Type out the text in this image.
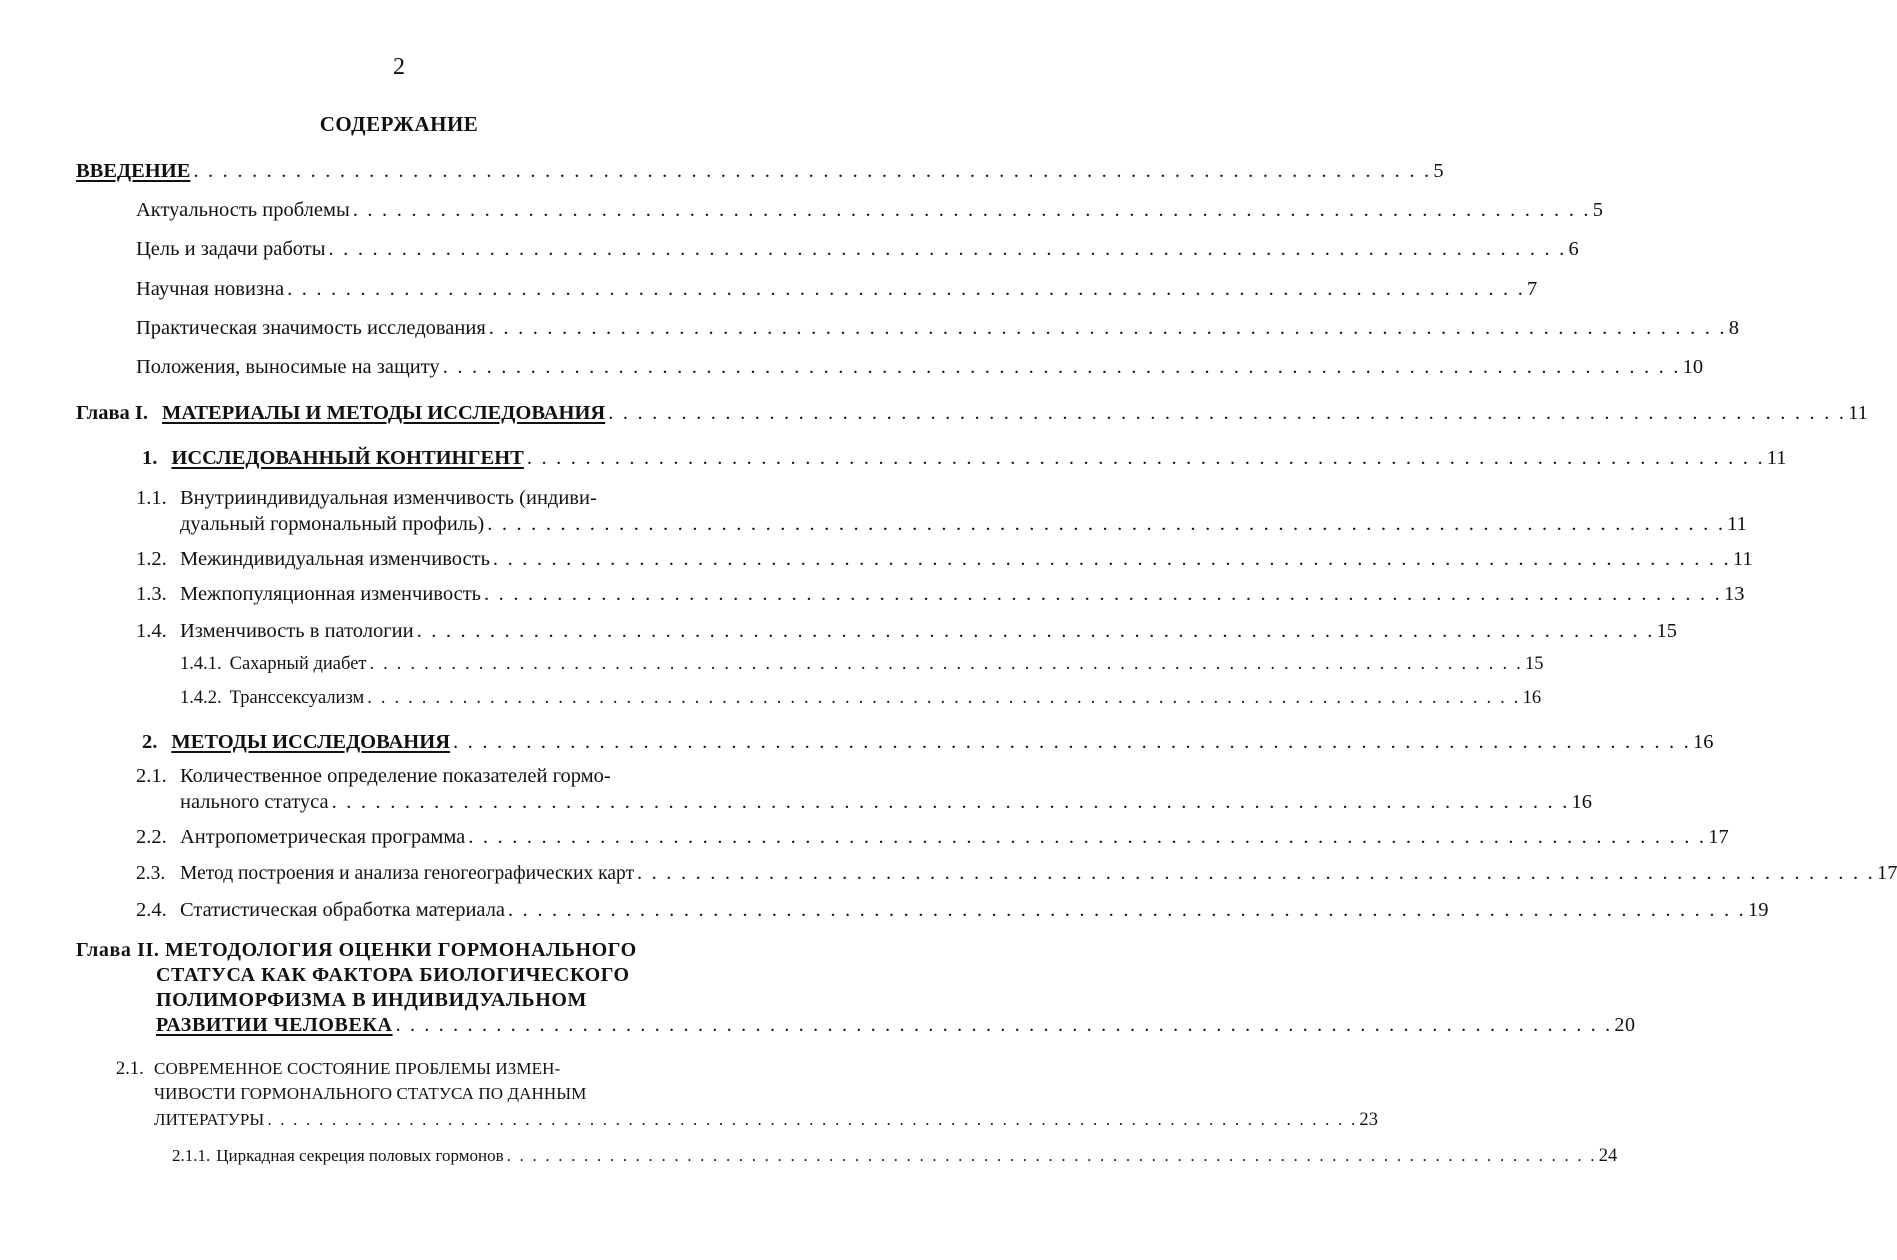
2
СОДЕРЖАНИЕ
ВВЕДЕНИЕ . . . . . . . . . . . . . . . . . . . . . . . . . . . . . . . . . . . . . . . . . . . . . . . . . . . . . . . . . . . . . . . . . . . . . . . . . . . . . . . . . . . . . 5
Актуальность проблемы . . . . . . . . . . . . . . . . . . . . . . . . . . . . . . . . . . . . . . . . . . . . . . . . . . . . . . . . . . . . . . . . . . . . . . . . . . . . . . . . . . . . . 5
Цель и задачи работы . . . . . . . . . . . . . . . . . . . . . . . . . . . . . . . . . . . . . . . . . . . . . . . . . . . . . . . . . . . . . . . . . . . . . . . . . . . . . . . . . . . . . 6
Научная новизна . . . . . . . . . . . . . . . . . . . . . . . . . . . . . . . . . . . . . . . . . . . . . . . . . . . . . . . . . . . . . . . . . . . . . . . . . . . . . . . . . . . . . 7
Практическая значимость исследования . . . . . . . . . . . . . . . . . . . . . . . . . . . . . . . . . . . . . . . . . . . . . . . . . . . . . . . . . . . . . . . . . . . . . . . . . . . . . . . . . . . . . 8
Положения, выносимые на защиту . . . . . . . . . . . . . . . . . . . . . . . . . . . . . . . . . . . . . . . . . . . . . . . . . . . . . . . . . . . . . . . . . . . . . . . . . . . . . . . . . . . . . 10
Глава I. МАТЕРИАЛЫ И МЕТОДЫ ИССЛЕДОВАНИЯ . . . . . . . . . . . . . . . . . . . . . . . . . . . . . . . . . . . . . . . . . . . . . . . . . . . . . . . . . . . . . . . . . . . . . . . . . . . . . . . . . . . . . 11
1. ИССЛЕДОВАННЫЙ КОНТИНГЕНТ . . . . . . . . . . . . . . . . . . . . . . . . . . . . . . . . . . . . . . . . . . . . . . . . . . . . . . . . . . . . . . . . . . . . . . . . . . . . . . . . . . . . . 11
1.1. Внутрииндивидуальная изменчивость (индиви-
дуальный гормональный профиль) . . . . . . . . . . . . . . . . . . . . . . . . . . . . . . . . . . . . . . . . . . . . . . . . . . . . . . . . . . . . . . . . . . . . . . . . . . . . . . . . . . . . . 11
1.2. Межиндивидуальная изменчивость . . . . . . . . . . . . . . . . . . . . . . . . . . . . . . . . . . . . . . . . . . . . . . . . . . . . . . . . . . . . . . . . . . . . . . . . . . . . . . . . . . . . . 11
1.3. Межпопуляционная изменчивость . . . . . . . . . . . . . . . . . . . . . . . . . . . . . . . . . . . . . . . . . . . . . . . . . . . . . . . . . . . . . . . . . . . . . . . . . . . . . . . . . . . . . 13
1.4. Изменчивость в патологии . . . . . . . . . . . . . . . . . . . . . . . . . . . . . . . . . . . . . . . . . . . . . . . . . . . . . . . . . . . . . . . . . . . . . . . . . . . . . . . . . . . . . 15
1.4.1. Сахарный диабет . . . . . . . . . . . . . . . . . . . . . . . . . . . . . . . . . . . . . . . . . . . . . . . . . . . . . . . . . . . . . . . . . . . . . . . . . . . . . . . . . . . . . 15
1.4.2. Транссексуализм . . . . . . . . . . . . . . . . . . . . . . . . . . . . . . . . . . . . . . . . . . . . . . . . . . . . . . . . . . . . . . . . . . . . . . . . . . . . . . . . . . . . . 16
2. МЕТОДЫ ИССЛЕДОВАНИЯ . . . . . . . . . . . . . . . . . . . . . . . . . . . . . . . . . . . . . . . . . . . . . . . . . . . . . . . . . . . . . . . . . . . . . . . . . . . . . . . . . . . . . 16
2.1. Количественное определение показателей гормо-
нального статуса . . . . . . . . . . . . . . . . . . . . . . . . . . . . . . . . . . . . . . . . . . . . . . . . . . . . . . . . . . . . . . . . . . . . . . . . . . . . . . . . . . . . . 16
2.2. Антропометрическая программа . . . . . . . . . . . . . . . . . . . . . . . . . . . . . . . . . . . . . . . . . . . . . . . . . . . . . . . . . . . . . . . . . . . . . . . . . . . . . . . . . . . . . 17
2.3. Метод построения и анализа геногеографических карт . . . . . . . . . . . . . . . . . . . . . . . . . . . . . . . . . . . . . . . . . . . . . . . . . . . . . . . . . . . . . . . . . . . . . . . . . . . . . . . . . . . . . 17
2.4. Статистическая обработка материала . . . . . . . . . . . . . . . . . . . . . . . . . . . . . . . . . . . . . . . . . . . . . . . . . . . . . . . . . . . . . . . . . . . . . . . . . . . . . . . . . . . . . 19
Глава II. МЕТОДОЛОГИЯ ОЦЕНКИ ГОРМОНАЛЬНОГО
СТАТУСА КАК ФАКТОРА БИОЛОГИЧЕСКОГО
ПОЛИМОРФИЗМА В ИНДИВИДУАЛЬНОМ
РАЗВИТИИ ЧЕЛОВЕКА . . . . . . . . . . . . . . . . . . . . . . . . . . . . . . . . . . . . . . . . . . . . . . . . . . . . . . . . . . . . . . . . . . . . . . . . . . . . . . . . . . . . . 20
2.1. СОВРЕМЕННОЕ СОСТОЯНИЕ ПРОБЛЕМЫ ИЗМЕН-
ЧИВОСТИ ГОРМОНАЛЬНОГО СТАТУСА ПО ДАННЫМ
ЛИТЕРАТУРЫ . . . . . . . . . . . . . . . . . . . . . . . . . . . . . . . . . . . . . . . . . . . . . . . . . . . . . . . . . . . . . . . . . . . . . . . . . . . . . . . . . . . . . 23
2.1.1. Циркадная секреция половых гормонов . . . . . . . . . . . . . . . . . . . . . . . . . . . . . . . . . . . . . . . . . . . . . . . . . . . . . . . . . . . . . . . . . . . . . . . . . . . . . . . . . . . . . 24
